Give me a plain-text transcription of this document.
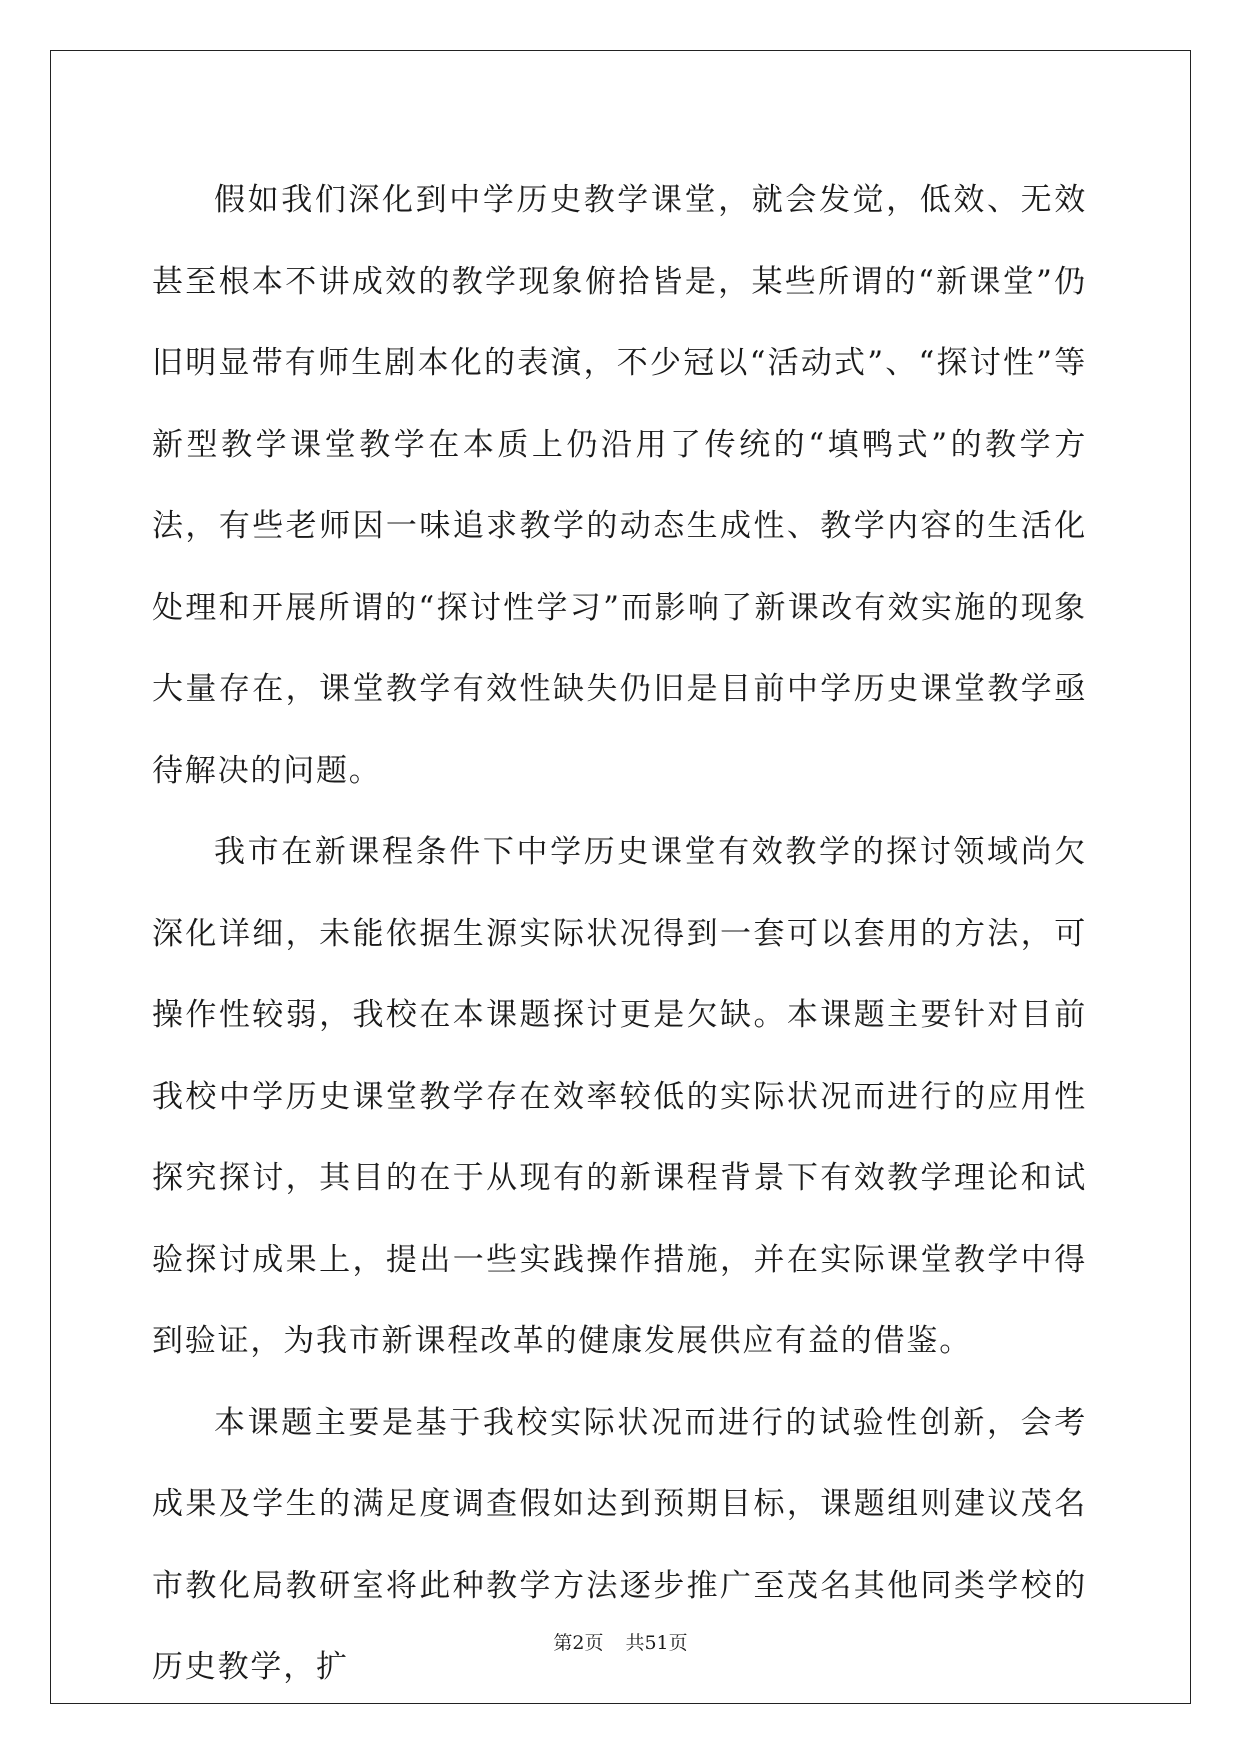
假如我们深化到中学历史教学课堂，就会发觉，低效、无效甚至根本不讲成效的教学现象俯拾皆是，某些所谓的“新课堂”仍旧明显带有师生剧本化的表演，不少冠以“活动式”、“探讨性”等新型教学课堂教学在本质上仍沿用了传统的“填鸭式”的教学方法，有些老师因一味追求教学的动态生成性、教学内容的生活化处理和开展所谓的“探讨性学习”而影响了新课改有效实施的现象大量存在，课堂教学有效性缺失仍旧是目前中学历史课堂教学亟待解决的问题。

我市在新课程条件下中学历史课堂有效教学的探讨领域尚欠深化详细，未能依据生源实际状况得到一套可以套用的方法，可操作性较弱，我校在本课题探讨更是欠缺。本课题主要针对目前我校中学历史课堂教学存在效率较低的实际状况而进行的应用性探究探讨，其目的在于从现有的新课程背景下有效教学理论和试验探讨成果上，提出一些实践操作措施，并在实际课堂教学中得到验证，为我市新课程改革的健康发展供应有益的借鉴。

本课题主要是基于我校实际状况而进行的试验性创新，会考成果及学生的满足度调查假如达到预期目标，课题组则建议茂名市教化局教研室将此种教学方法逐步推广至茂名其他同类学校的历史教学，扩

第2页 共51页
